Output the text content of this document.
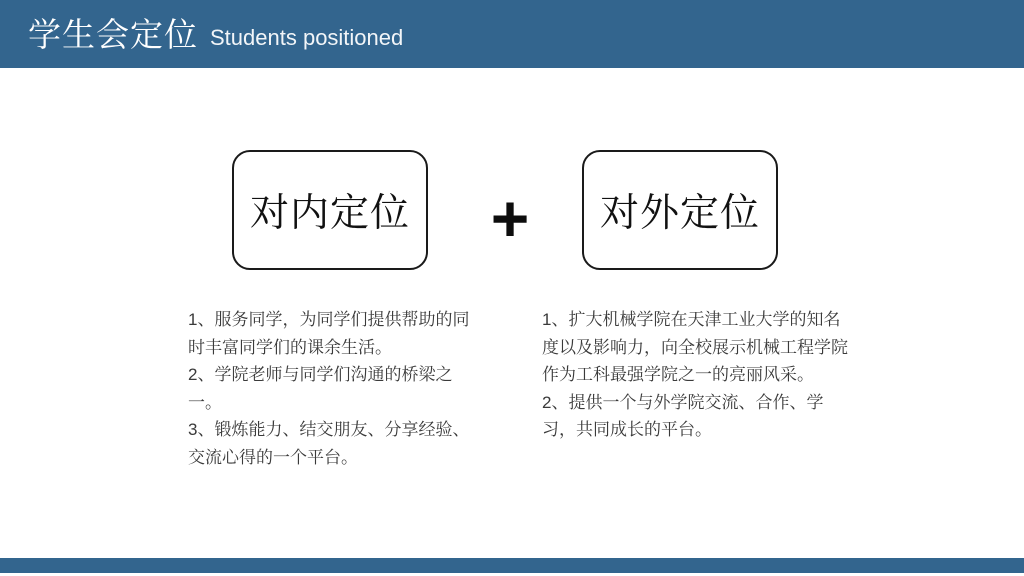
学生会定位 Students positioned
对内定位	+	对外定位

1、服务同学，为同学们提供帮助的同时丰富同学们的课余生活。

2、学院老师与同学们沟通的桥梁之一。

3、锻炼能力、结交朋友、分享经验、交流心得的一个平台。

1、扩大机械学院在天津工业大学的知名度以及影响力，向全校展示机械工程学院作为工科最强学院之一的亮丽风采。

2、提供一个与外学院交流、合作、学习，共同成长的平台。
